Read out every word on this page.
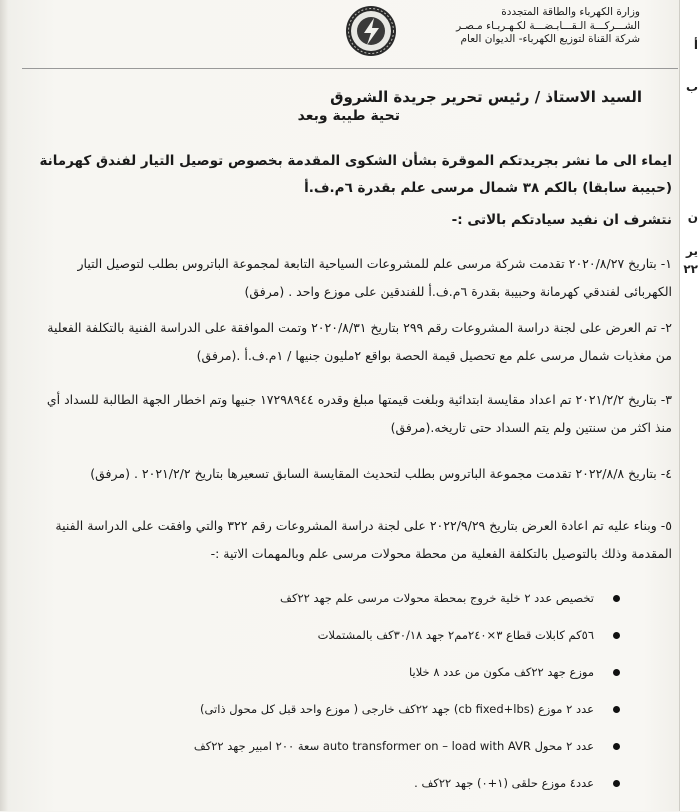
أ
ب
ن
ير
٢٢
وزارة الكهرباء والطاقة المتجددة
الشـــركـــة الـقـــابـضـــة لكـهـربـاء مـصـر
شركة القناة لتوزيع الكهرباء- الديوان العام
السيد الاستاذ / رئيس تحرير جريدة الشروق
تحية طيبة وبعد
ايماء الى ما نشر بجريدتكم الموقرة بشأن الشكوى المقدمة بخصوص توصيل التيار لفندق كهرمانة (حبيبة سابقا) بالكم ٣٨ شمال مرسى علم بقدرة ٦م.ف.أ
نتشرف ان نفيد سيادتكم بالاتى :-
١- بتاريخ ٢٠٢٠/٨/٢٧ تقدمت شركة مرسى علم للمشروعات السياحية التابعة لمجموعة الباتروس بطلب لتوصيل التيار الكهربائى لفندقي كهرمانة وحبيبة بقدرة ٦م.ف.أ للفندقين على موزع واحد . (مرفق)
٢- تم العرض على لجنة دراسة المشروعات رقم ٢٩٩ بتاريخ ٢٠٢٠/٨/٣١ وتمت الموافقة على الدراسة الفنية بالتكلفة الفعلية من مغذيات شمال مرسى علم مع تحصيل قيمة الحصة بواقع ٢مليون جنيها / ١م.ف.أ .(مرفق)
٣- بتاريخ ٢٠٢١/٢/٢ تم اعداد مقايسة ابتدائية وبلغت قيمتها مبلغ وقدره ١٧٢٩٨٩٤٤ جنيها وتم اخطار الجهة الطالبة للسداد أي منذ اكثر من سنتين ولم يتم السداد حتى تاريخه.(مرفق)
٤- بتاريخ ٢٠٢٢/٨/٨ تقدمت مجموعة الباتروس بطلب لتحديث المقايسة السابق تسعيرها بتاريخ ٢٠٢١/٢/٢ . (مرفق)
٥- وبناء عليه تم اعادة العرض بتاريخ ٢٠٢٢/٩/٢٩ على لجنة دراسة المشروعات رقم ٣٢٢ والتي وافقت على الدراسة الفنية المقدمة وذلك بالتوصيل بالتكلفة الفعلية من محطة محولات مرسى علم وبالمهمات الاتية :-
تخصيص عدد ٢ خلية خروج بمحطة محولات مرسى علم جهد ٢٢كف
٥٦كم كابلات قطاع ٣×٢٤٠مم٢ جهد ٣٠/١٨كف بالمشتملات
موزع جهد ٢٢كف مكون من عدد ٨ خلايا
عدد ٢ موزع (cb fixed+lbs) جهد ٢٢كف خارجى ( موزع واحد قبل كل محول ذاتى)
عدد ٢ محول auto transformer on – load with AVR سعة ٢٠٠ امبير جهد ٢٢كف
عدد٤ موزع حلقى (١+٠) جهد ٢٢كف .
